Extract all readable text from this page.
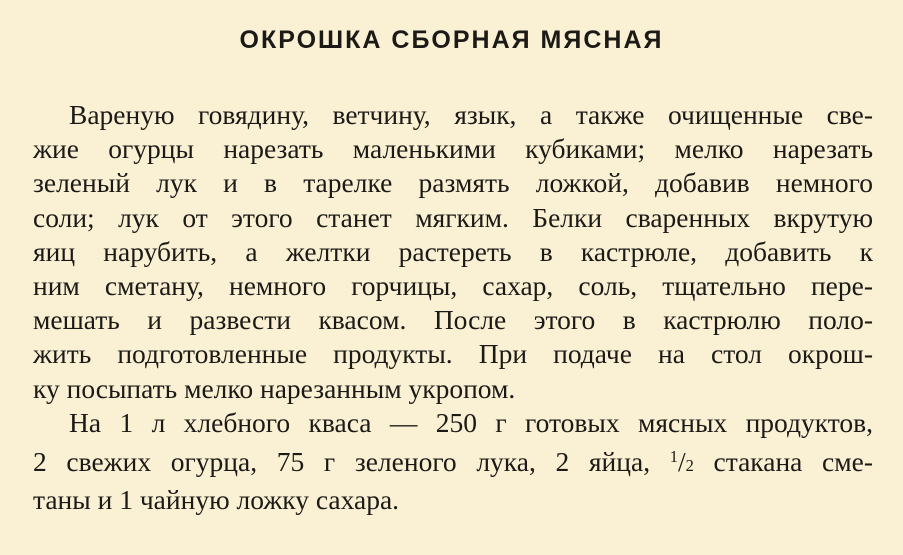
ОКРОШКА СБОРНАЯ МЯСНАЯ
Вареную говядину, ветчину, язык, а также очищенные све-
жие огурцы нарезать маленькими кубиками; мелко нарезать
зеленый лук и в тарелке размять ложкой, добавив немного
соли; лук от этого станет мягким. Белки сваренных вкрутую
яиц нарубить, а желтки растереть в кастрюле, добавить к
ним сметану, немного горчицы, сахар, соль, тщательно пере-
мешать и развести квасом. После этого в кастрюлю поло-
жить подготовленные продукты. При подаче на стол окрош-
ку посыпать мелко нарезанным укропом.
На 1 л хлебного кваса — 250 г готовых мясных продуктов,
2 свежих огурца, 75 г зеленого лука, 2 яйца, $^1$/2 стакана сме-
таны и 1 чайную ложку сахара.
